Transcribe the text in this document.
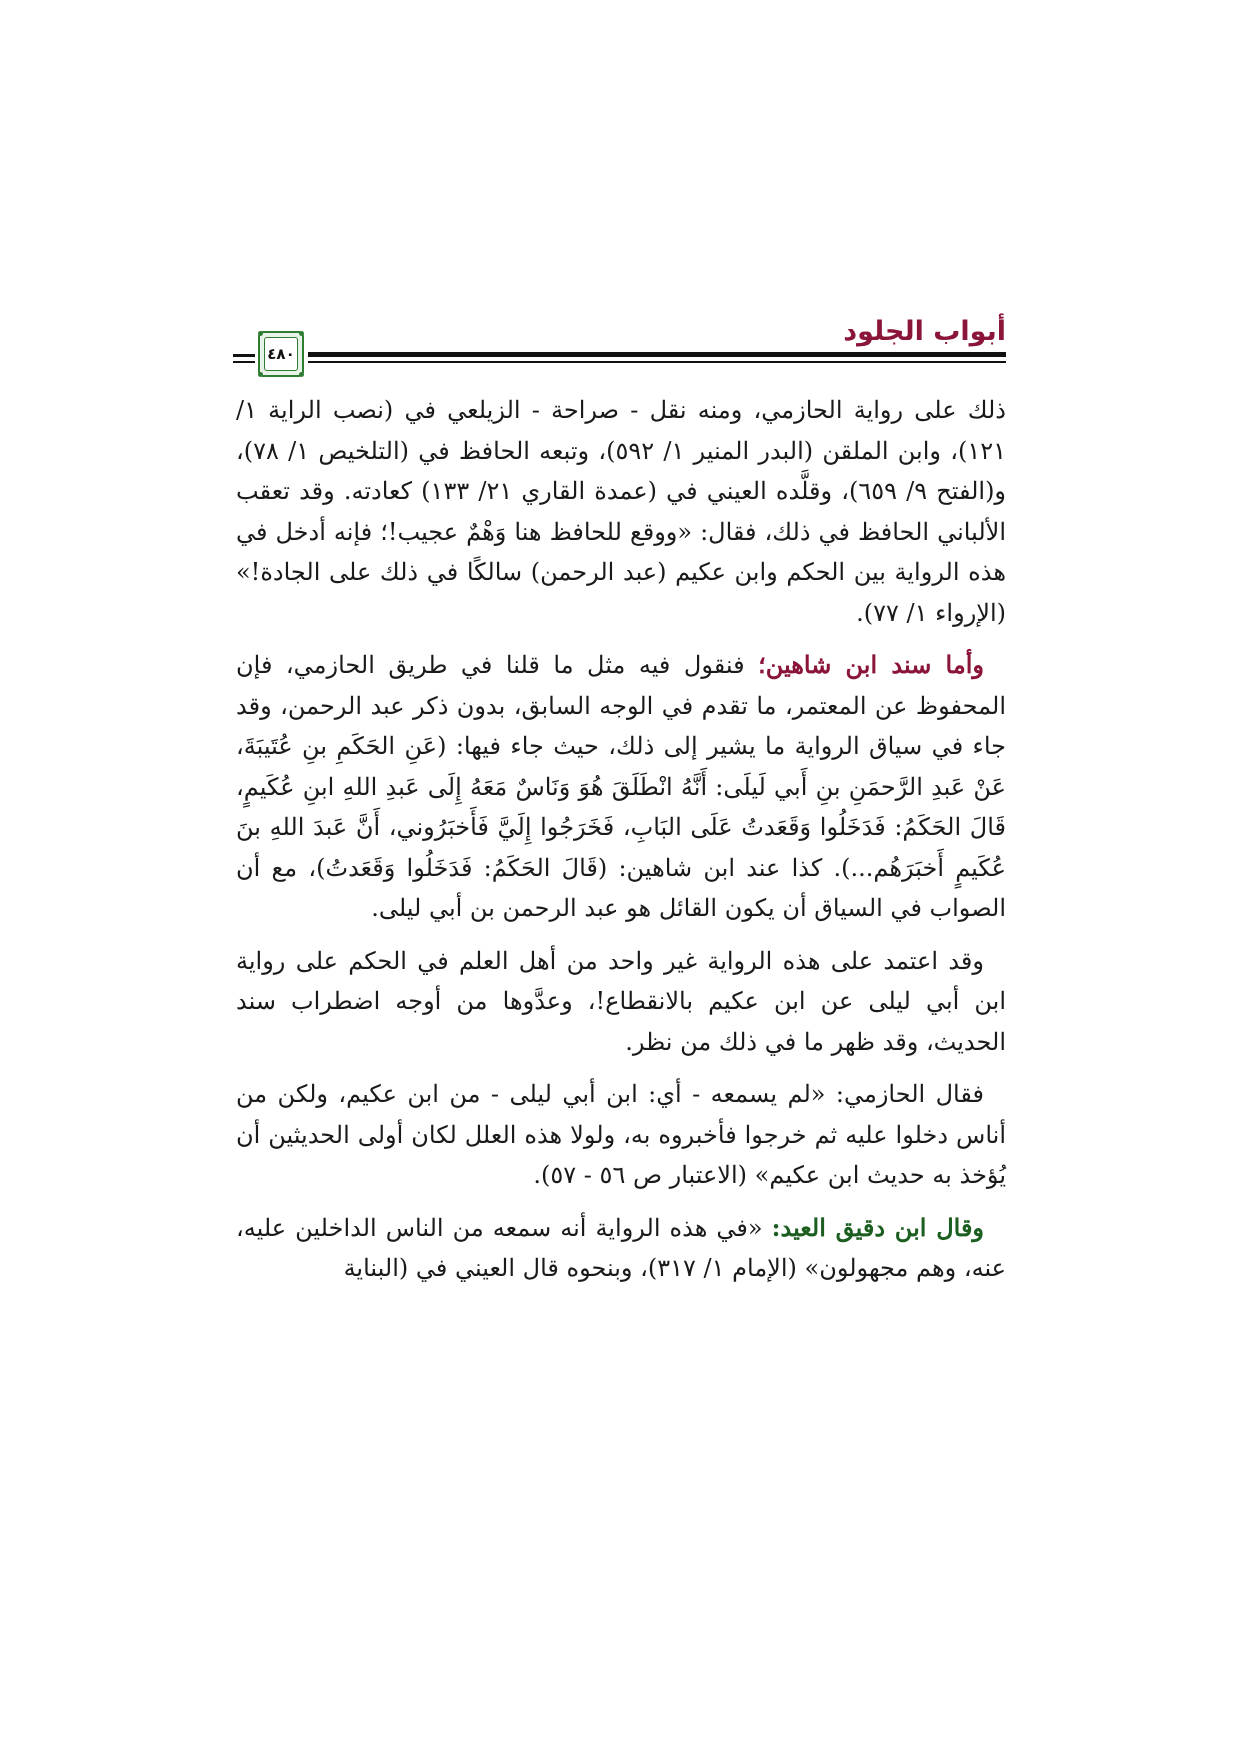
أبواب الجلود
٤٨٠

ذلك على رواية الحازمي، ومنه نقل - صراحة - الزيلعي في (نصب الراية ١/ ١٢١)، وابن الملقن (البدر المنير ١/ ٥٩٢)، وتبعه الحافظ في (التلخيص ١/ ٧٨)، و(الفتح ٩/ ٦٥٩)، وقلَّده العيني في (عمدة القاري ٢١/ ١٣٣) كعادته. وقد تعقب الألباني الحافظ في ذلك، فقال: «ووقع للحافظ هنا وَهْمٌ عجيب!؛ فإنه أدخل في هذه الرواية بين الحكم وابن عكيم (عبد الرحمن) سالكًا في ذلك على الجادة!» (الإرواء ١/ ٧٧).

وأما سند ابن شاهين؛ فنقول فيه مثل ما قلنا في طريق الحازمي، فإن المحفوظ عن المعتمر، ما تقدم في الوجه السابق، بدون ذكر عبد الرحمن، وقد جاء في سياق الرواية ما يشير إلى ذلك، حيث جاء فيها: (عَنِ الحَكَمِ بنِ عُتَيبَةَ، عَنْ عَبدِ الرَّحمَنِ بنِ أَبي لَيلَى: أَنَّهُ انْطَلَقَ هُوَ وَنَاسٌ مَعَهُ إِلَى عَبدِ اللهِ ابنِ عُكَيمٍ، قَالَ الحَكَمُ: فَدَخَلُوا وَقَعَدتُ عَلَى البَابِ، فَخَرَجُوا إِلَيَّ فَأَخبَرُوني، أَنَّ عَبدَ اللهِ بنَ عُكَيمٍ أَخبَرَهُم...). كذا عند ابن شاهين: (قَالَ الحَكَمُ: فَدَخَلُوا وَقَعَدتُ)، مع أن الصواب في السياق أن يكون القائل هو عبد الرحمن بن أبي ليلى.

وقد اعتمد على هذه الرواية غير واحد من أهل العلم في الحكم على رواية ابن أبي ليلى عن ابن عكيم بالانقطاع!، وعدَّوها من أوجه اضطراب سند الحديث، وقد ظهر ما في ذلك من نظر.

فقال الحازمي: «لم يسمعه - أي: ابن أبي ليلى - من ابن عكيم، ولكن من أناس دخلوا عليه ثم خرجوا فأخبروه به، ولولا هذه العلل لكان أولى الحديثين أن يُؤخذ به حديث ابن عكيم» (الاعتبار ص ٥٦ - ٥٧).

وقال ابن دقيق العيد: «في هذه الرواية أنه سمعه من الناس الداخلين عليه، عنه، وهم مجهولون» (الإمام ١/ ٣١٧)، وبنحوه قال العيني في (البناية
